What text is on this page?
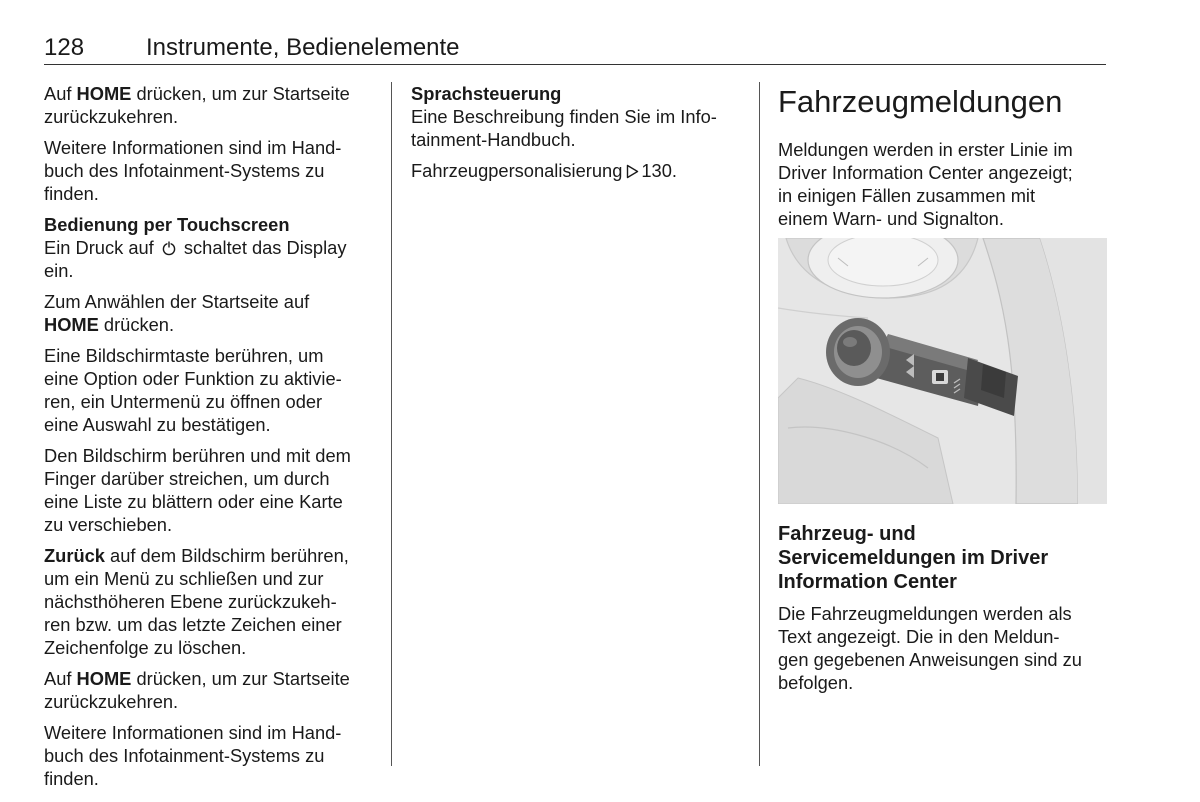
128	Instrumente, Bedienelemente

Auf HOME drücken, um zur Startseite
zurückzukehren.

Weitere Informationen sind im Hand-
buch des Infotainment-Systems zu
finden.

Bedienung per Touchscreen
Ein Druck auf  schaltet das Display
ein.

Zum Anwählen der Startseite auf
HOME drücken.

Eine Bildschirmtaste berühren, um
eine Option oder Funktion zu aktivie-
ren, ein Untermenü zu öffnen oder
eine Auswahl zu bestätigen.

Den Bildschirm berühren und mit dem
Finger darüber streichen, um durch
eine Liste zu blättern oder eine Karte
zu verschieben.

Zurück auf dem Bildschirm berühren,
um ein Menü zu schließen und zur
nächsthöheren Ebene zurückzukeh-
ren bzw. um das letzte Zeichen einer
Zeichenfolge zu löschen.

Auf HOME drücken, um zur Startseite
zurückzukehren.

Weitere Informationen sind im Hand-
buch des Infotainment-Systems zu
finden.

Sprachsteuerung
Eine Beschreibung finden Sie im Info-
tainment-Handbuch.

Fahrzeugpersonalisierung 130.

Fahrzeugmeldungen

Meldungen werden in erster Linie im
Driver Information Center angezeigt;
in einigen Fällen zusammen mit
einem Warn- und Signalton.

Fahrzeug- und
Servicemeldungen im Driver
Information Center

Die Fahrzeugmeldungen werden als
Text angezeigt. Die in den Meldun-
gen gegebenen Anweisungen sind zu
befolgen.
